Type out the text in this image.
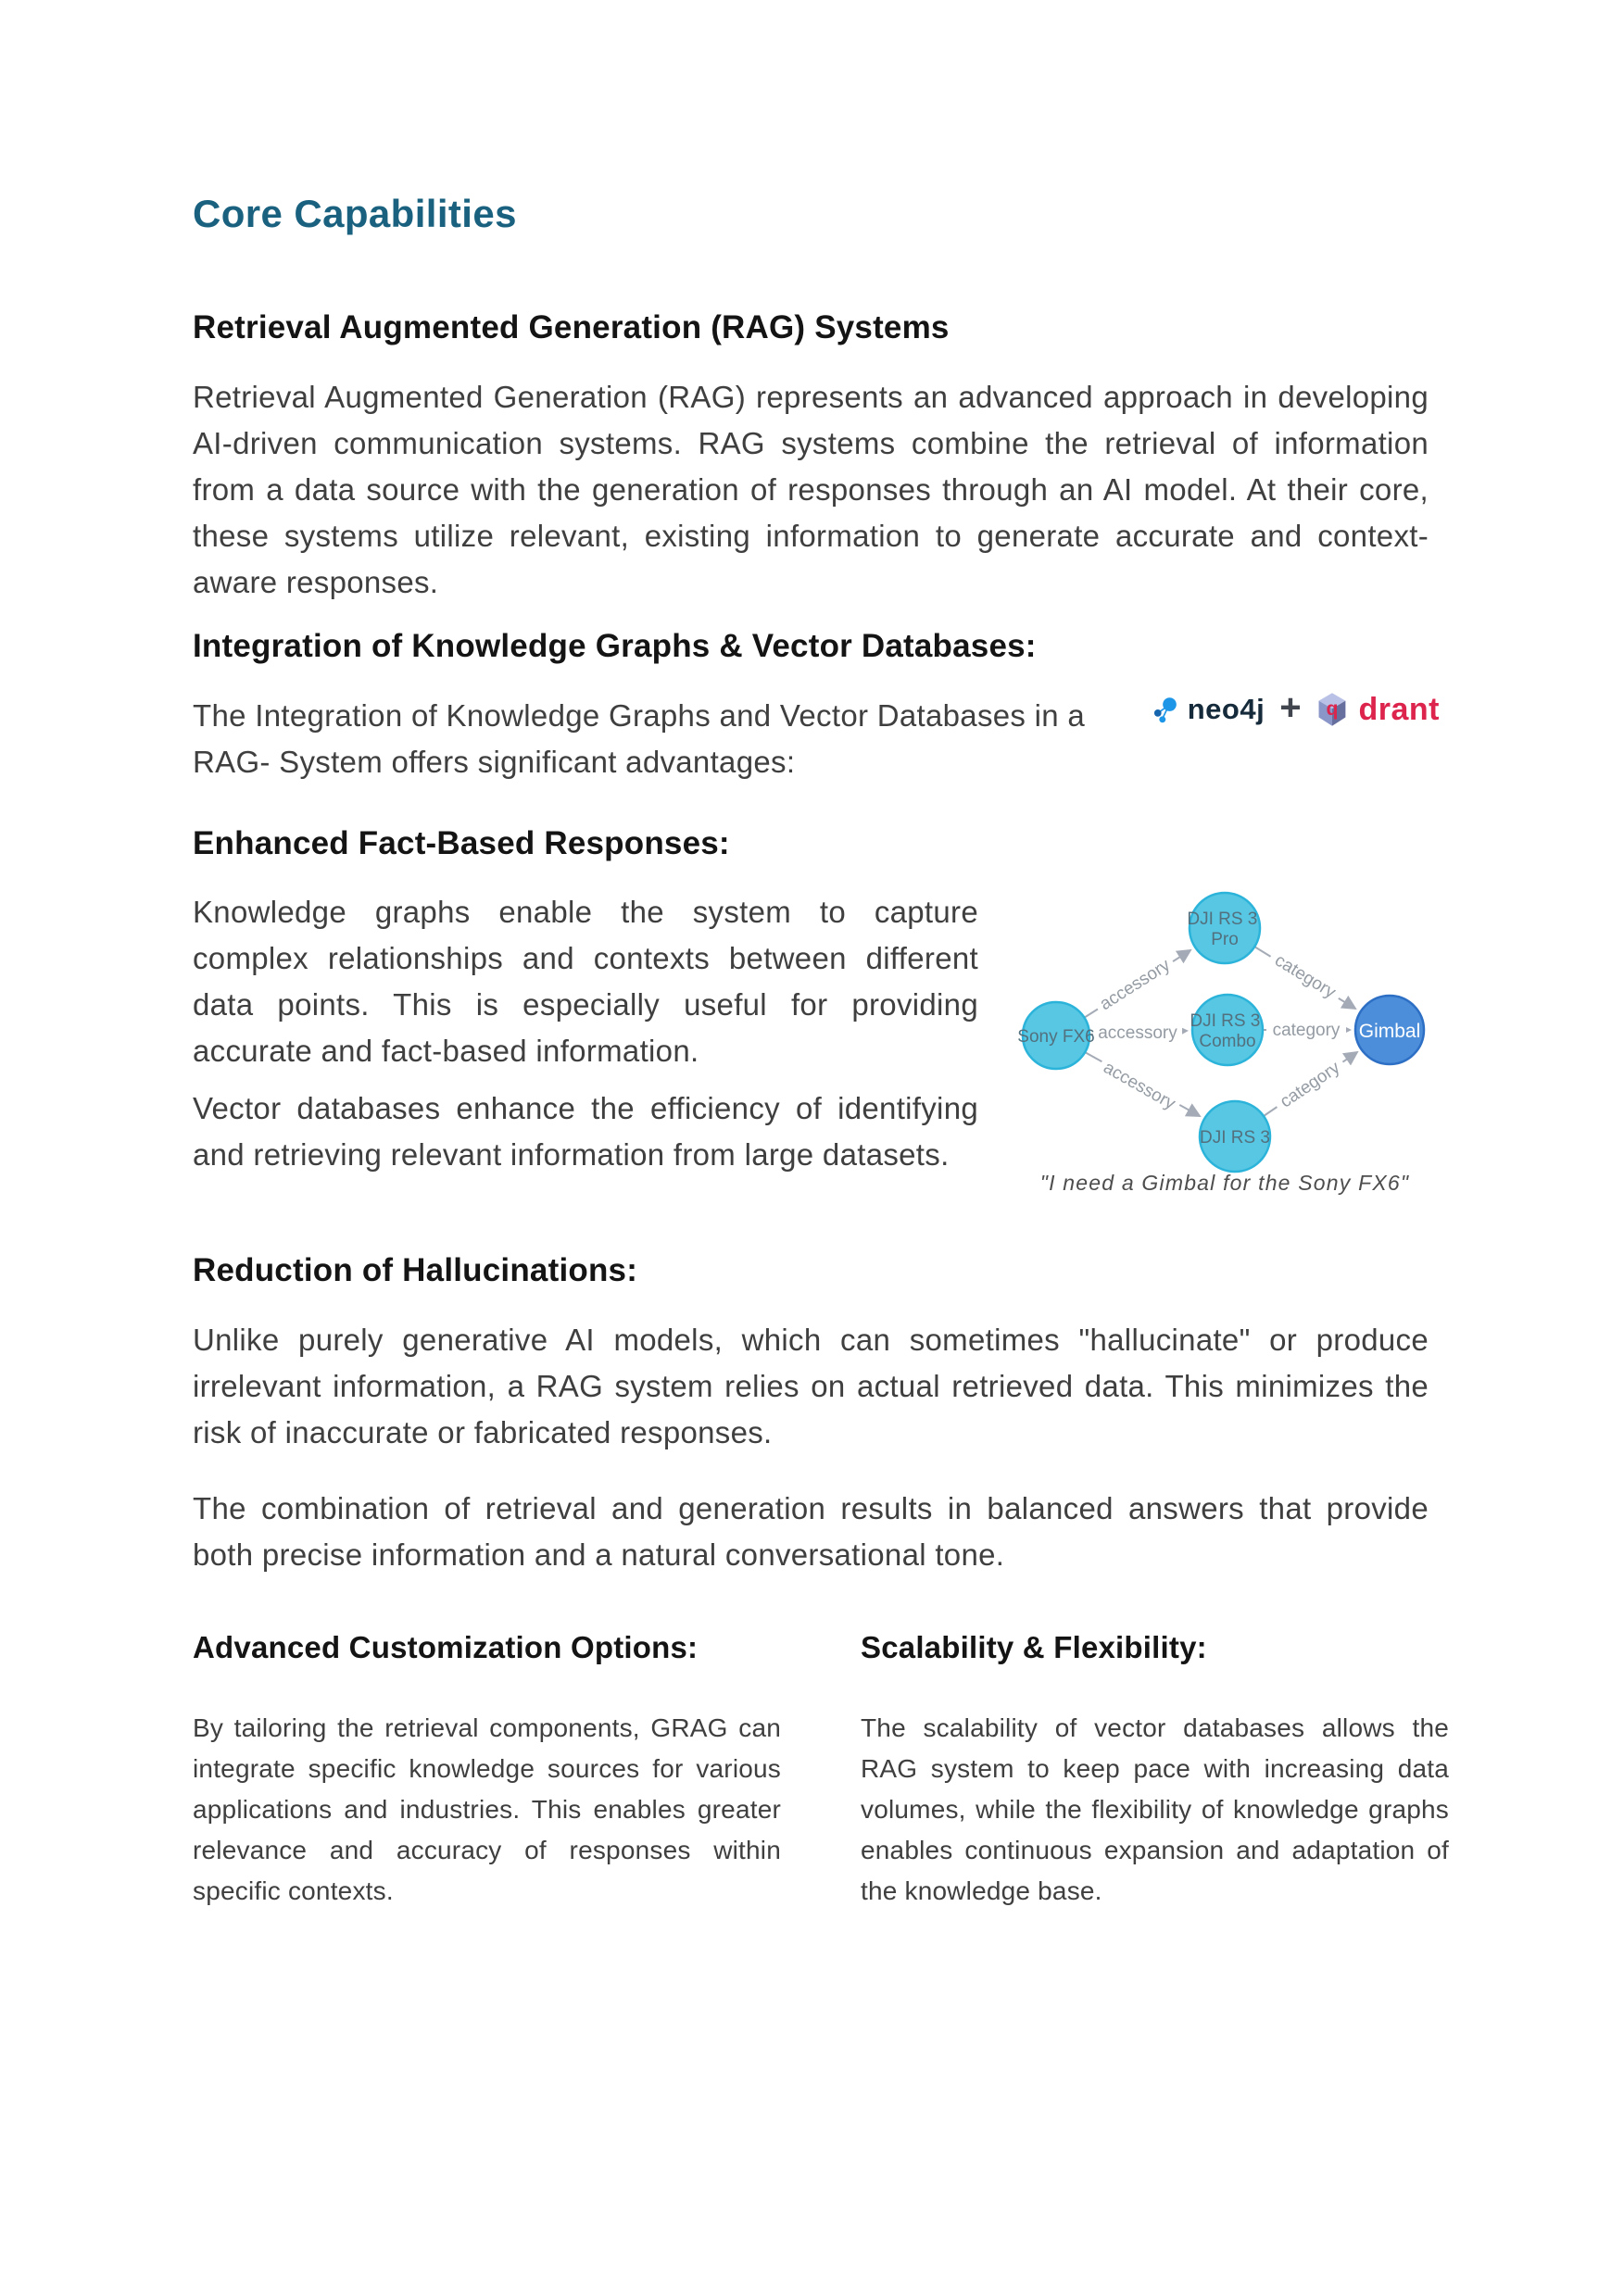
Core Capabilities
Retrieval Augmented Generation (RAG) Systems
Retrieval Augmented Generation (RAG) represents an advanced approach in developing AI-driven communication systems. RAG systems combine the retrieval of information from a data source with the generation of responses through an AI model. At their core, these systems utilize relevant, existing information to generate accurate and context-aware responses.
Integration of Knowledge Graphs & Vector Databases:
The Integration of Knowledge Graphs and Vector Databases in a RAG- System offers significant advantages:
neo4j + q drant
Enhanced Fact-Based Responses:
Knowledge graphs enable the system to capture complex relationships and contexts between different data points. This is especially useful for providing accurate and fact-based information.
Vector databases enhance the efficiency of identifying and retrieving relevant information from large datasets.
accessory
accessory
accessory
category
category
category
Sony FX6
DJI RS 3 Pro
DJI RS 3 Combo
DJI RS 3
Gimbal
"I need a Gimbal for the Sony FX6"
Reduction of Hallucinations:
Unlike purely generative AI models, which can sometimes "hallucinate" or produce irrelevant information, a RAG system relies on actual retrieved data. This minimizes the risk of inaccurate or fabricated responses.
The combination of retrieval and generation results in balanced answers that provide both precise information and a natural conversational tone.
Advanced Customization Options:
By tailoring the retrieval components, GRAG can integrate specific knowledge sources for various applications and industries. This enables greater relevance and accuracy of responses within specific contexts.
Scalability & Flexibility:
The scalability of vector databases allows the RAG system to keep pace with increasing data volumes, while the flexibility of knowledge graphs enables continuous expansion and adaptation of the knowledge base.
